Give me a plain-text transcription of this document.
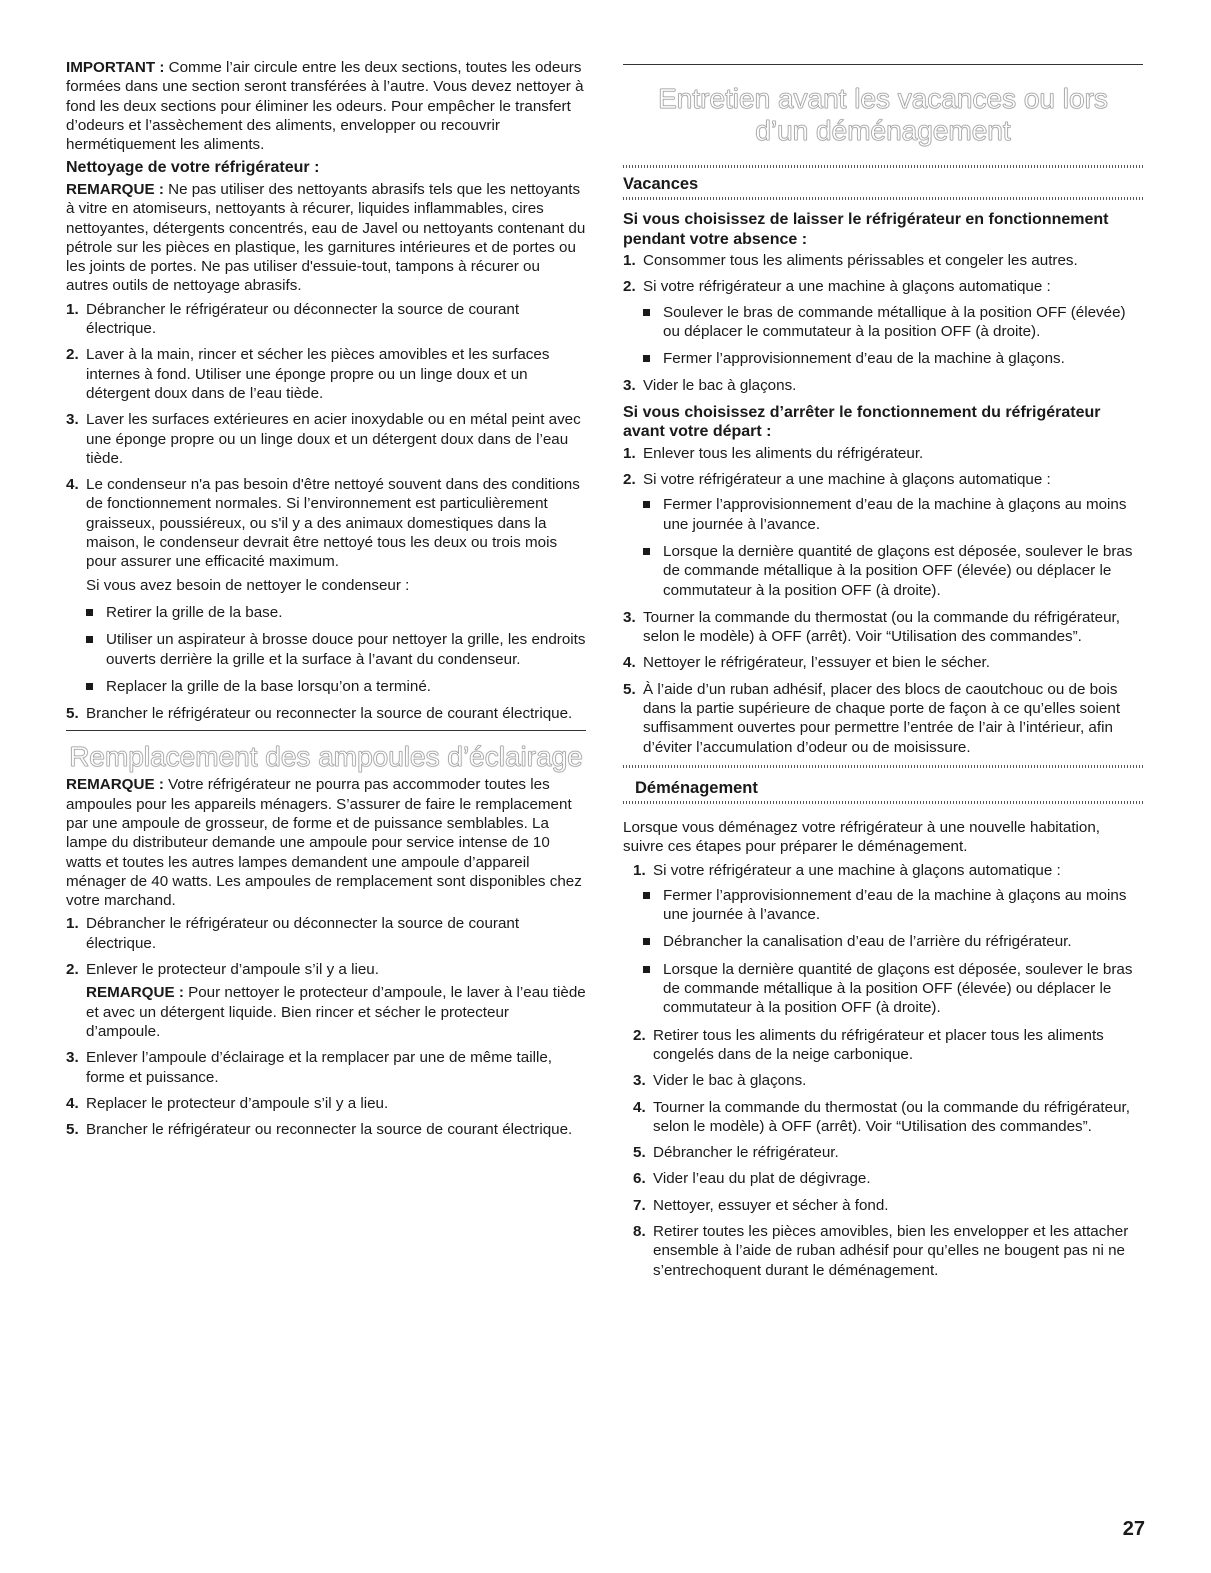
IMPORTANT : Comme l’air circule entre les deux sections, toutes les odeurs formées dans une section seront transférées à l’autre. Vous devez nettoyer à fond les deux sections pour éliminer les odeurs. Pour empêcher le transfert d’odeurs et l’assèchement des aliments, envelopper ou recouvrir hermétiquement les aliments.

Nettoyage de votre réfrigérateur :

REMARQUE : Ne pas utiliser des nettoyants abrasifs tels que les nettoyants à vitre en atomiseurs, nettoyants à récurer, liquides inflammables, cires nettoyantes, détergents concentrés, eau de Javel ou nettoyants contenant du pétrole sur les pièces en plastique, les garnitures intérieures et de portes ou les joints de portes. Ne pas utiliser d'essuie-tout, tampons à récurer ou autres outils de nettoyage abrasifs.

1. Débrancher le réfrigérateur ou déconnecter la source de courant électrique.
2. Laver à la main, rincer et sécher les pièces amovibles et les surfaces internes à fond. Utiliser une éponge propre ou un linge doux et un détergent doux dans de l’eau tiède.
3. Laver les surfaces extérieures en acier inoxydable ou en métal peint avec une éponge propre ou un linge doux et un détergent doux dans de l’eau tiède.
4. Le condenseur n'a pas besoin d'être nettoyé souvent dans des conditions de fonctionnement normales. Si l’environnement est particulièrement graisseux, poussiéreux, ou s'il y a des animaux domestiques dans la maison, le condenseur devrait être nettoyé tous les deux ou trois mois pour assurer une efficacité maximum.
Si vous avez besoin de nettoyer le condenseur :
Retirer la grille de la base.
Utiliser un aspirateur à brosse douce pour nettoyer la grille, les endroits ouverts derrière la grille et la surface à l’avant du condenseur.
Replacer la grille de la base lorsqu’on a terminé.
5. Brancher le réfrigérateur ou reconnecter la source de courant électrique.
Remplacement des ampoules d’éclairage

REMARQUE : Votre réfrigérateur ne pourra pas accommoder toutes les ampoules pour les appareils ménagers. S’assurer de faire le remplacement par une ampoule de grosseur, de forme et de puissance semblables. La lampe du distributeur demande une ampoule pour service intense de 10 watts et toutes les autres lampes demandent une ampoule d’appareil ménager de 40 watts. Les ampoules de remplacement sont disponibles chez votre marchand.

1. Débrancher le réfrigérateur ou déconnecter la source de courant électrique.
2. Enlever le protecteur d’ampoule s’il y a lieu.
REMARQUE : Pour nettoyer le protecteur d’ampoule, le laver à l’eau tiède et avec un détergent liquide. Bien rincer et sécher le protecteur d’ampoule.
3. Enlever l’ampoule d’éclairage et la remplacer par une de même taille, forme et puissance.
4. Replacer le protecteur d’ampoule s’il y a lieu.
5. Brancher le réfrigérateur ou reconnecter la source de courant électrique.
Entretien avant les vacances ou lors
d’un déménagement
Vacances
Si vous choisissez de laisser le réfrigérateur en fonctionnement pendant votre absence :
1. Consommer tous les aliments périssables et congeler les autres.
2. Si votre réfrigérateur a une machine à glaçons automatique :
Soulever le bras de commande métallique à la position OFF (élevée) ou déplacer le commutateur à la position OFF (à droite).
Fermer l’approvisionnement d’eau de la machine à glaçons.
3. Vider le bac à glaçons.
Si vous choisissez d’arrêter le fonctionnement du réfrigérateur avant votre départ :
1. Enlever tous les aliments du réfrigérateur.
2. Si votre réfrigérateur a une machine à glaçons automatique :
Fermer l’approvisionnement d’eau de la machine à glaçons au moins une journée à l’avance.
Lorsque la dernière quantité de glaçons est déposée, soulever le bras de commande métallique à la position OFF (élevée) ou déplacer le commutateur à la position OFF (à droite).
3. Tourner la commande du thermostat (ou la commande du réfrigérateur, selon le modèle) à OFF (arrêt). Voir “Utilisation des commandes”.
4. Nettoyer le réfrigérateur, l’essuyer et bien le sécher.
5. À l’aide d’un ruban adhésif, placer des blocs de caoutchouc ou de bois dans la partie supérieure de chaque porte de façon à ce qu’elles soient suffisamment ouvertes pour permettre l’entrée de l’air à l’intérieur, afin d’éviter l’accumulation d’odeur ou de moisissure.
Déménagement

Lorsque vous déménagez votre réfrigérateur à une nouvelle habitation, suivre ces étapes pour préparer le déménagement.

1. Si votre réfrigérateur a une machine à glaçons automatique :
Fermer l’approvisionnement d’eau de la machine à glaçons au moins une journée à l’avance.
Débrancher la canalisation d’eau de l’arrière du réfrigérateur.
Lorsque la dernière quantité de glaçons est déposée, soulever le bras de commande métallique à la position OFF (élevée) ou déplacer le commutateur à la position OFF (à droite).
2. Retirer tous les aliments du réfrigérateur et placer tous les aliments congelés dans de la neige carbonique.
3. Vider le bac à glaçons.
4. Tourner la commande du thermostat (ou la commande du réfrigérateur, selon le modèle) à OFF (arrêt). Voir “Utilisation des commandes”.
5. Débrancher le réfrigérateur.
6. Vider l’eau du plat de dégivrage.
7. Nettoyer, essuyer et sécher à fond.
8. Retirer toutes les pièces amovibles, bien les envelopper et les attacher ensemble à l’aide de ruban adhésif pour qu’elles ne bougent pas ni ne s’entrechoquent durant le déménagement.
27
